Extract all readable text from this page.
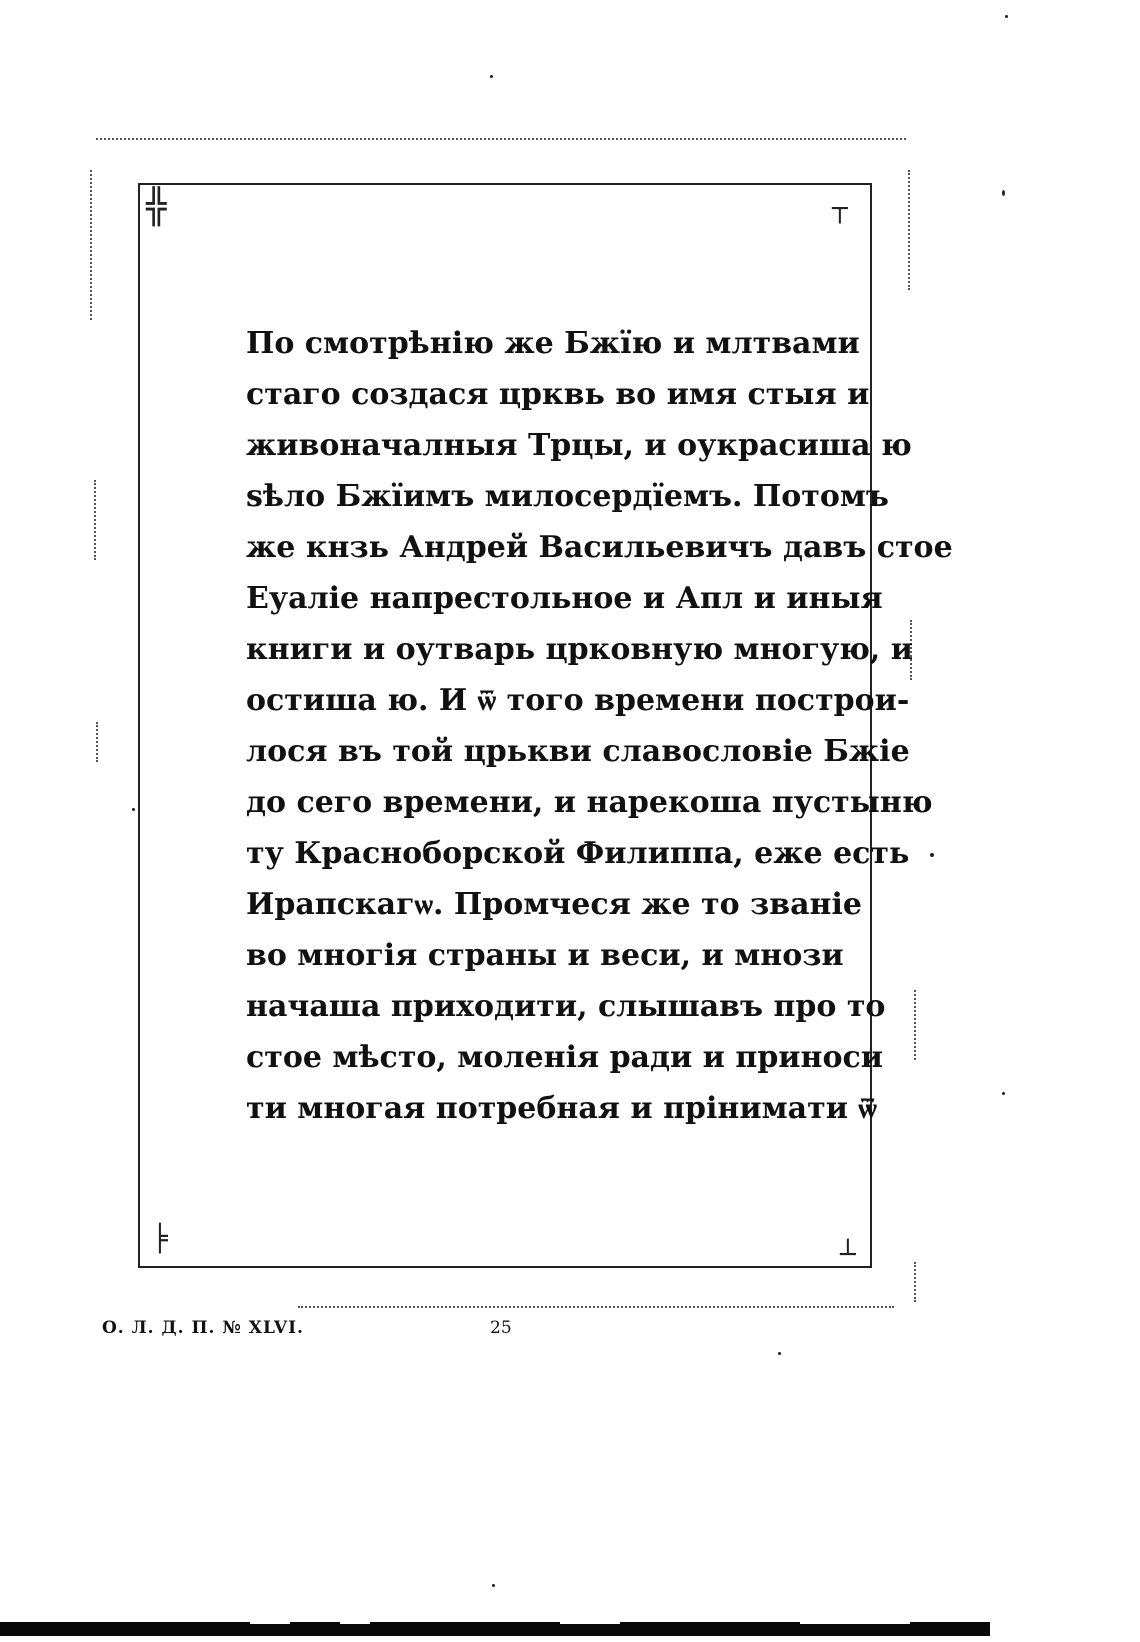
╬	┬
╞
┴
По смотрѣнію же Бжїю и млтвами
стаго создася црквь во имя стыя и
живоначалныя Трцы, и оукрасиша ю
ѕѣло Бжїимъ милосердїемъ. Потомъ
же кнзь Андрей Васильевичъ давъ стое
Еуаліе напрестольное и Апл и иныя
книги и оутварь црковную многую, и
остиша ю. И ѿ того времени построи-
лося въ той црькви славословіе Бжіе
до сего времени, и нарекоша пустыню
ту Красноборской Филиппа, еже есть
Ирапскагѡ. Промчеся же то званіе
во многія страны и веси, и мнози
начаша приходити, слышавъ про то
стое мѣсто, моленія ради и приноси
ти многая потребная и прінимати ѿ
О. Л. Д. П. № XLVI.	25
